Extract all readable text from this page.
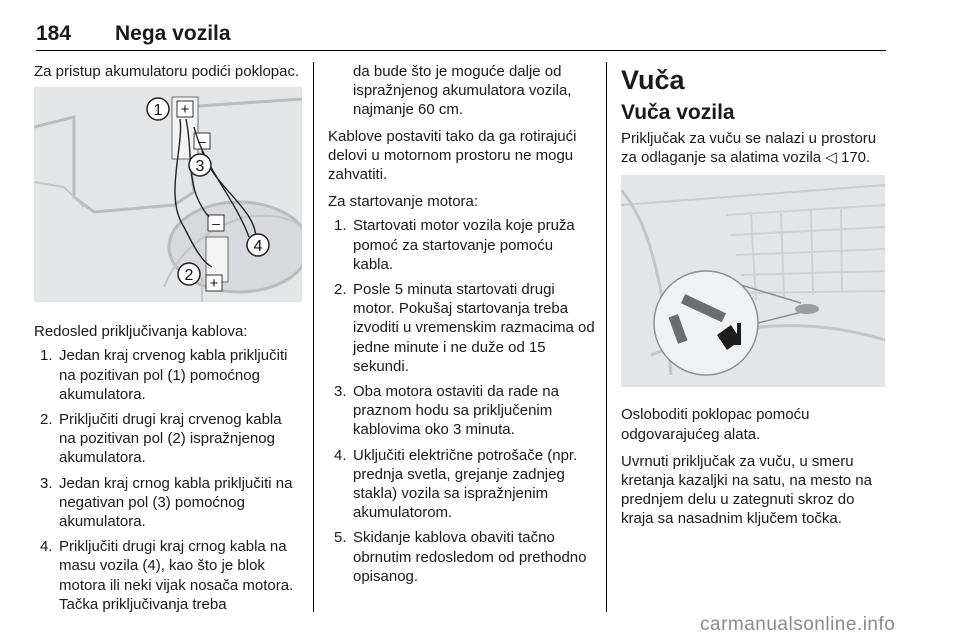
184 Nega vozila

Za pristup akumulatoru podići poklopac.

+
–
–
+
1
3
4
2

Redosled priključivanja kablova:

1. Jedan kraj crvenog kabla priključiti na pozitivan pol (1) pomoćnog akumulatora.
2. Priključiti drugi kraj crvenog kabla na pozitivan pol (2) ispražnjenog akumulatora.
3. Jedan kraj crnog kabla priključiti na negativan pol (3) pomoćnog akumulatora.
4. Priključiti drugi kraj crnog kabla na masu vozila (4), kao što je blok motora ili neki vijak nosača motora. Tačka priključivanja treba

da bude što je moguće dalje od ispražnjenog akumulatora vozila, najmanje 60 cm.

Kablove postaviti tako da ga rotirajući delovi u motornom prostoru ne mogu zahvatiti.

Za startovanje motora:

1. Startovati motor vozila koje pruža pomoć za startovanje pomoću kabla.
2. Posle 5 minuta startovati drugi motor. Pokušaj startovanja treba izvoditi u vremenskim razmacima od jedne minute i ne duže od 15 sekundi.
3. Oba motora ostaviti da rade na praznom hodu sa priključenim kablovima oko 3 minuta.
4. Uključiti električne potrošače (npr. prednja svetla, grejanje zadnjeg stakla) vozila sa ispražnjenim akumulatorom.
5. Skidanje kablova obaviti tačno obrnutim redosledom od prethodno opisanog.
Vuča
Vuča vozila

Priključak za vuču se nalazi u prostoru za odlaganje sa alatima vozila ◁ 170.

Osloboditi poklopac pomoću odgovarajućeg alata.

Uvrnuti priključak za vuču, u smeru kretanja kazaljki na satu, na mesto na prednjem delu u zategnuti skroz do kraja sa nasadnim ključem točka.

carmanualsonline.info
